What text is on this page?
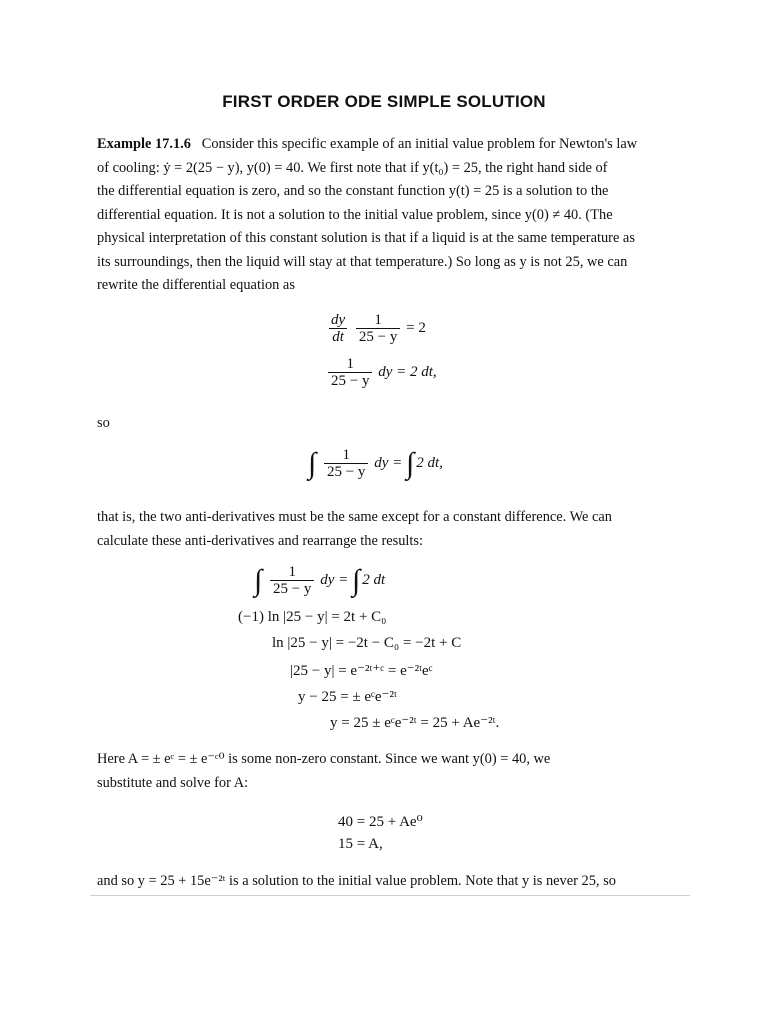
FIRST ORDER ODE SIMPLE SOLUTION

Example 17.1.6 Consider this specific example of an initial value problem for Newton's law
of cooling: ẏ = 2(25 − y), y(0) = 40. We first note that if y(t₀) = 25, the right hand side of
the differential equation is zero, and so the constant function y(t) = 25 is a solution to the
differential equation. It is not a solution to the initial value problem, since y(0) ≠ 40. (The
physical interpretation of this constant solution is that if a liquid is at the same temperature as
its surroundings, then the liquid will stay at that temperature.) So long as y is not 25, we can
rewrite the differential equation as

$\frac{dy}{dt}$
$\frac{1}{25 - y} = 2$
$\frac{1}{25 - y}$ dy = 2 dt,
so
∫ $\frac{1}{25 - y}$ dy = ∫ 2 dt,

that is, the two anti-derivatives must be the same except for a constant difference. We can
calculate these anti-derivatives and rearrange the results:

∫ $\frac{1}{25 - y}$ dy = ∫ 2 dt
(−1) ln |25 − y| = 2t + C₀
ln |25 − y| = −2t − C₀ = −2t + C
|25 − y| = e⁻²ᵗ⁺ᶜ = e⁻²ᵗeᶜ
y − 25 = ± eᶜe⁻²ᵗ
y = 25 ± eᶜe⁻²ᵗ = 25 + Ae⁻²ᵗ.

Here A = ± eᶜ = ± e⁻ᶜ⁰ is some non-zero constant. Since we want y(0) = 40, we
substitute and solve for A:

40 = 25 + Ae⁰
15 = A,

and so y = 25 + 15e⁻²ᵗ is a solution to the initial value problem. Note that y is never 25, so
